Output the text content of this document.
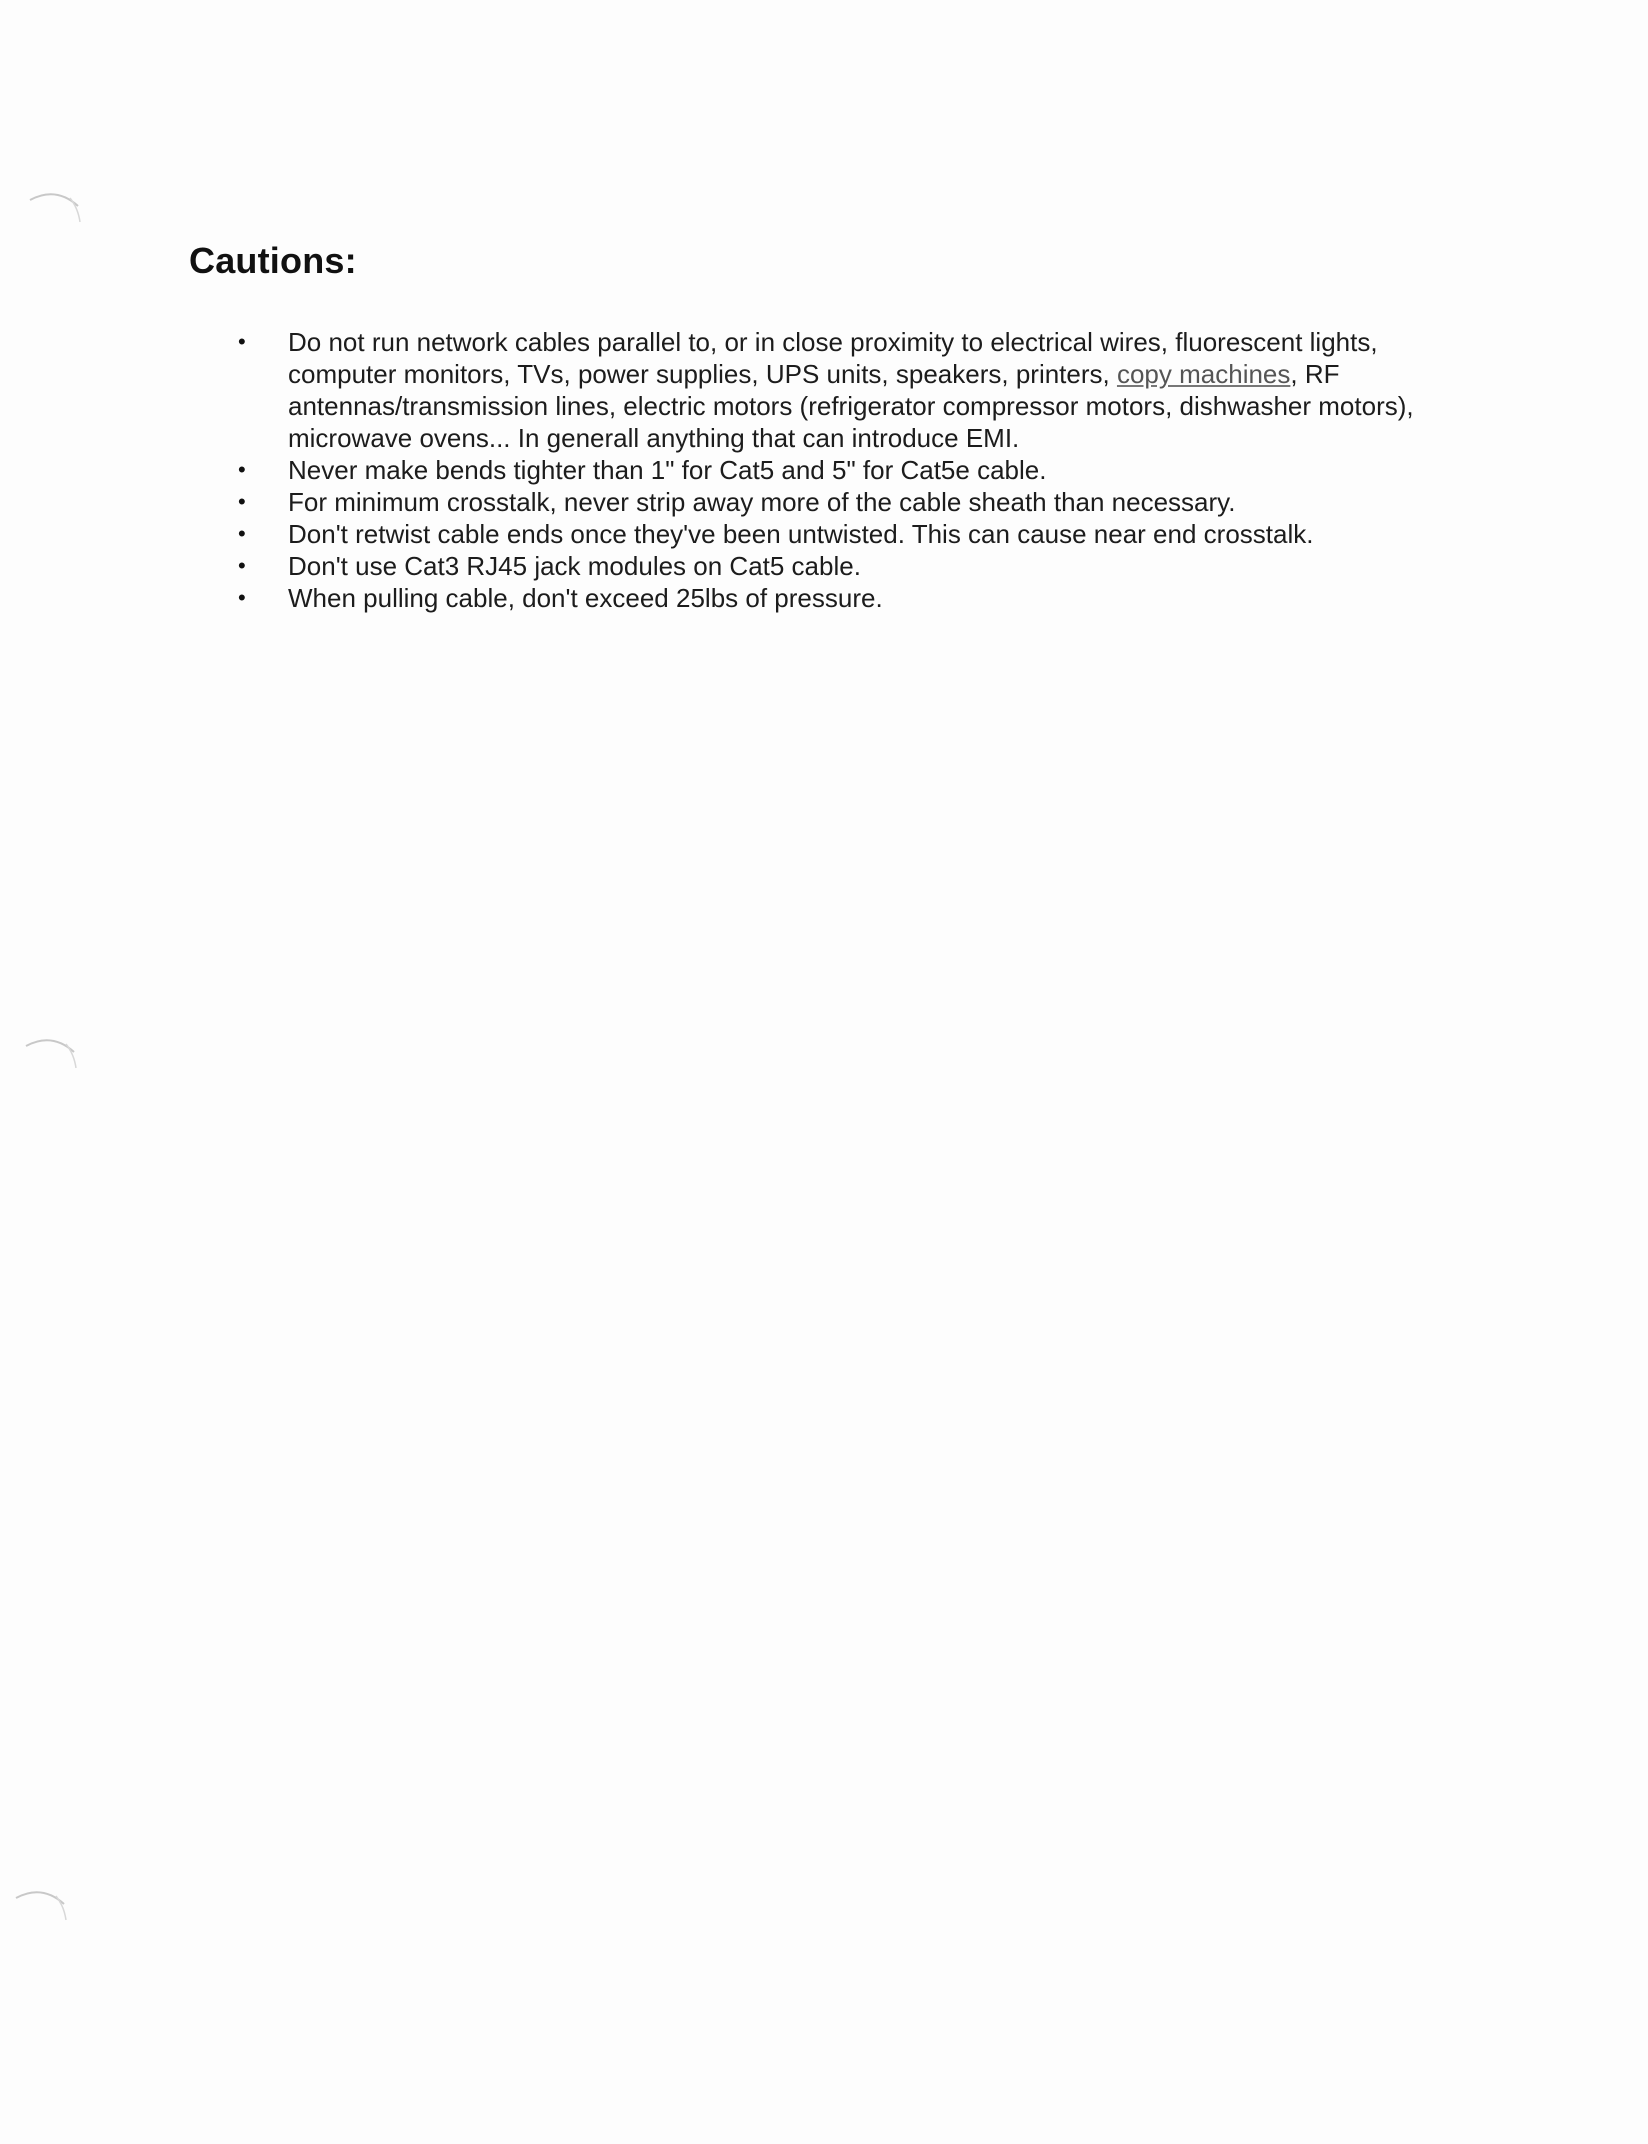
Cautions:
• Do not run network cables parallel to, or in close proximity to electrical wires, fluorescent lights, computer monitors, TVs, power supplies, UPS units, speakers, printers, copy machines, RF antennas/transmission lines, electric motors (refrigerator compressor motors, dishwasher motors), microwave ovens... In generall anything that can introduce EMI.
• Never make bends tighter than 1" for Cat5 and 5" for Cat5e cable.
• For minimum crosstalk, never strip away more of the cable sheath than necessary.
• Don't retwist cable ends once they've been untwisted. This can cause near end crosstalk.
• Don't use Cat3 RJ45 jack modules on Cat5 cable.
• When pulling cable, don't exceed 25lbs of pressure.
